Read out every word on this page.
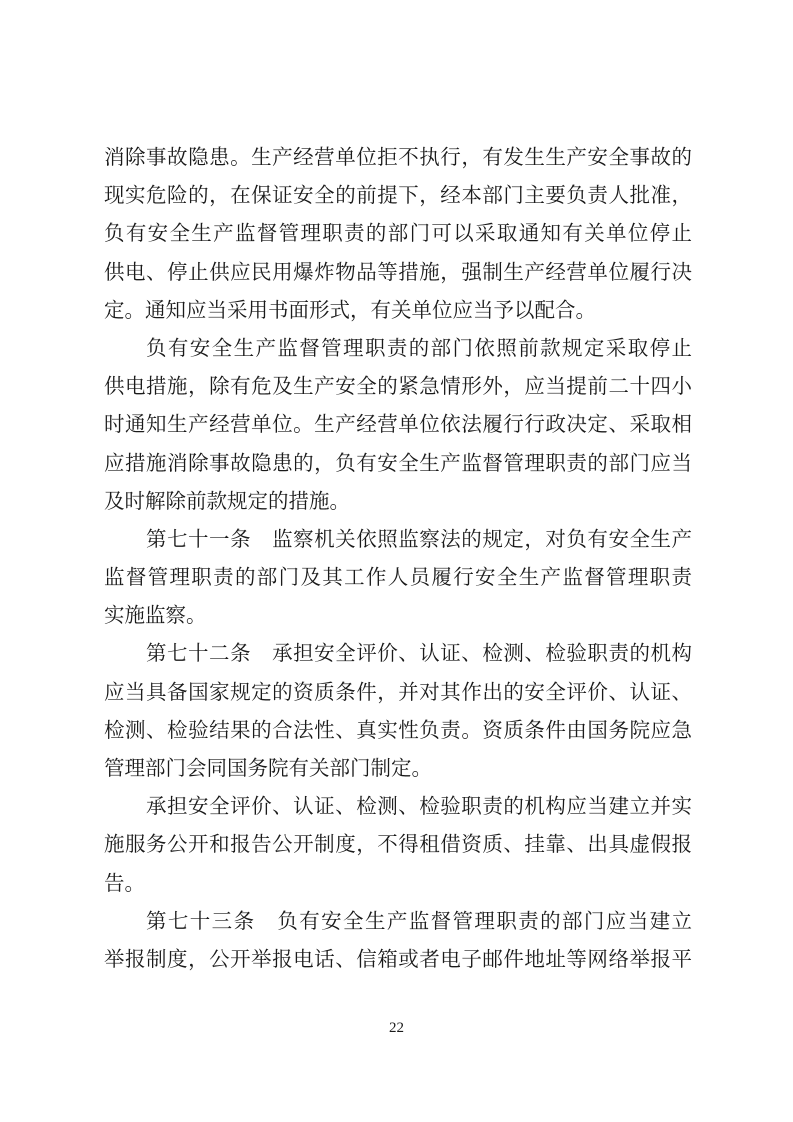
消除事故隐患。生产经营单位拒不执行，有发生生产安全事故的
现实危险的，在保证安全的前提下，经本部门主要负责人批准，
负有安全生产监督管理职责的部门可以采取通知有关单位停止
供电、停止供应民用爆炸物品等措施，强制生产经营单位履行决
定。通知应当采用书面形式，有关单位应当予以配合。
负有安全生产监督管理职责的部门依照前款规定采取停止
供电措施，除有危及生产安全的紧急情形外，应当提前二十四小
时通知生产经营单位。生产经营单位依法履行行政决定、采取相
应措施消除事故隐患的，负有安全生产监督管理职责的部门应当
及时解除前款规定的措施。
第七十一条　监察机关依照监察法的规定，对负有安全生产
监督管理职责的部门及其工作人员履行安全生产监督管理职责
实施监察。
第七十二条　承担安全评价、认证、检测、检验职责的机构
应当具备国家规定的资质条件，并对其作出的安全评价、认证、
检测、检验结果的合法性、真实性负责。资质条件由国务院应急
管理部门会同国务院有关部门制定。
承担安全评价、认证、检测、检验职责的机构应当建立并实
施服务公开和报告公开制度，不得租借资质、挂靠、出具虚假报
告。
第七十三条　负有安全生产监督管理职责的部门应当建立
举报制度，公开举报电话、信箱或者电子邮件地址等网络举报平
22
